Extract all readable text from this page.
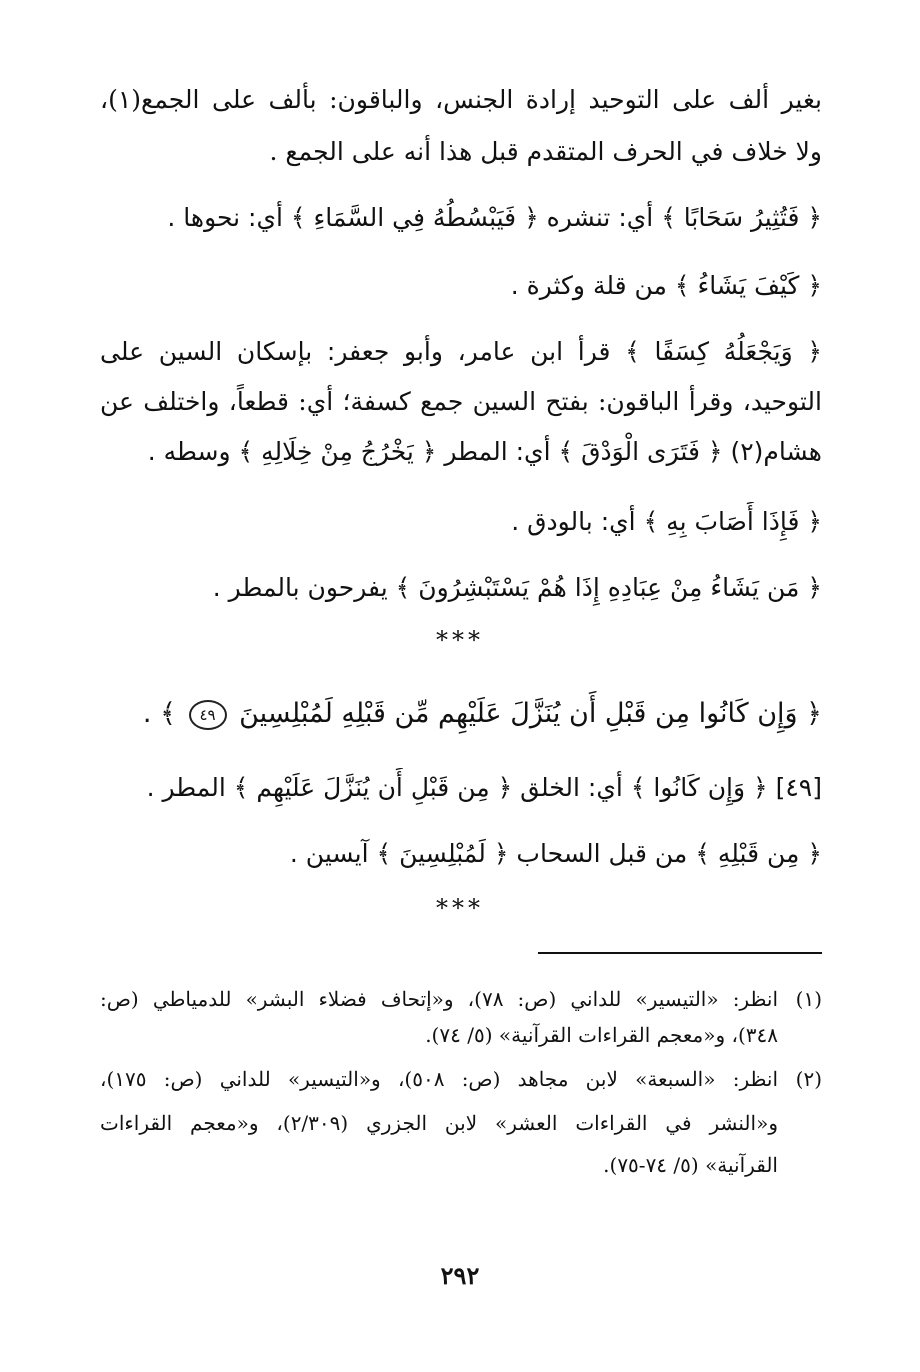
بغير ألف على التوحيد إرادة الجنس، والباقون: بألف على الجمع(١)،
ولا خلاف في الحرف المتقدم قبل هذا أنه على الجمع .
﴿ فَتُثِيرُ سَحَابًا ﴾ أي: تنشره ﴿ فَيَبْسُطُهُ فِي السَّمَاءِ ﴾ أي: نحوها .
﴿ كَيْفَ يَشَاءُ ﴾ من قلة وكثرة .
﴿ وَيَجْعَلُهُ كِسَفًا ﴾ قرأ ابن عامر، وأبو جعفر: بإسكان السين على
التوحيد، وقرأ الباقون: بفتح السين جمع كسفة؛ أي: قطعاً، واختلف عن
هشام(٢) ﴿ فَتَرَى الْوَدْقَ ﴾ أي: المطر ﴿ يَخْرُجُ مِنْ خِلَالِهِ ﴾ وسطه .
﴿ فَإِذَا أَصَابَ بِهِ ﴾ أي: بالودق .
﴿ مَن يَشَاءُ مِنْ عِبَادِهِ إِذَا هُمْ يَسْتَبْشِرُونَ ﴾ يفرحون بالمطر .
***
﴿ وَإِن كَانُوا مِن قَبْلِ أَن يُنَزَّلَ عَلَيْهِم مِّن قَبْلِهِ لَمُبْلِسِينَ ٤٩ ﴾ .
[٤٩] ﴿ وَإِن كَانُوا ﴾ أي: الخلق ﴿ مِن قَبْلِ أَن يُنَزَّلَ عَلَيْهِم ﴾ المطر .
﴿ مِن قَبْلِهِ ﴾ من قبل السحاب ﴿ لَمُبْلِسِينَ ﴾ آيسين .
***
(١)انظر: «التيسير» للداني (ص: ٧٨)، و«إتحاف فضلاء البشر» للدمياطي (ص:
٣٤٨)، و«معجم القراءات القرآنية» (٥/ ٧٤).
(٢)انظر: «السبعة» لابن مجاهد (ص: ٥٠٨)، و«التيسير» للداني (ص: ١٧٥)،
و«النشر في القراءات العشر» لابن الجزري (٢/٣٠٩)، و«معجم القراءات
القرآنية» (٥/ ٧٤-٧٥).
٢٩٢
